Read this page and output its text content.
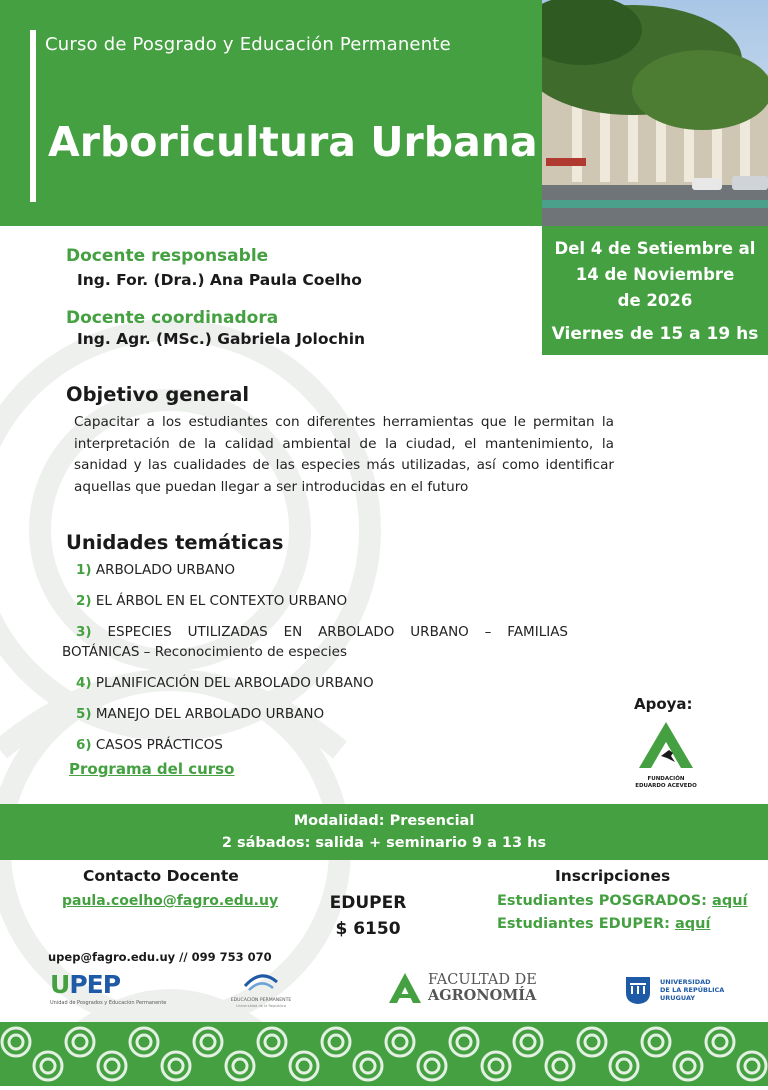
Curso de Posgrado y Educación Permanente
Arboricultura Urbana
Del 4 de Setiembre al
14 de Noviembre
de 2026
Viernes de 15 a 19 hs
Docente responsable
Ing. For. (Dra.) Ana Paula Coelho
Docente coordinadora
Ing. Agr. (MSc.) Gabriela Jolochin
Objetivo general
Capacitar a los estudiantes con diferentes herramientas que le permitan la interpretación de la calidad ambiental de la ciudad, el mantenimiento, la sanidad y las cualidades de las especies más utilizadas, así como identificar aquellas que puedan llegar a ser introducidas en el futuro
Unidades temáticas
1) ARBOLADO URBANO
2) EL ÁRBOL EN EL CONTEXTO URBANO
3) ESPECIES UTILIZADAS EN ARBOLADO URBANO – FAMILIAS BOTÁNICAS – Reconocimiento de especies
4) PLANIFICACIÓN DEL ARBOLADO URBANO
5) MANEJO DEL ARBOLADO URBANO
6) CASOS PRÁCTICOS
Programa del curso
Apoya:
FUNDACIÓN
EDUARDO ACEVEDO
Modalidad: Presencial
2 sábados: salida + seminario 9 a 13 hs
Contacto Docente
paula.coelho@fagro.edu.uy	EDUPER
$ 6150
Inscripciones
Estudiantes POSGRADOS: aquí
Estudiantes EDUPER: aquí
upep@fagro.edu.uy // 099 753 070
UPEP
Unidad de Posgrados y Educación Permanente	EDUCACIÓN PERMANENTE
Universidad de la República
FACULTAD DE
AGRONOMÍA
UNIVERSIDAD
DE LA REPÚBLICA
URUGUAY
